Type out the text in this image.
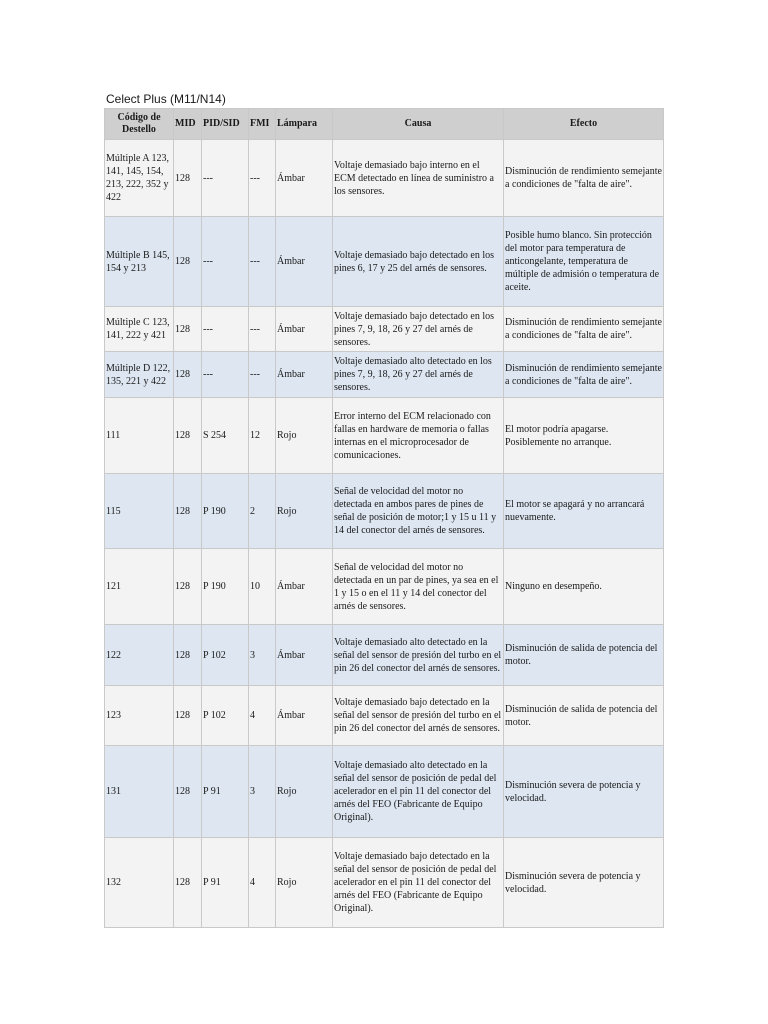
Celect Plus (M11/N14)
Código de Destello	MID	PID/SID	FMI	Lámpara	Causa	Efecto
Múltiple A 123, 141, 145, 154, 213, 222, 352 y 422	128	---	---	Ámbar	Voltaje demasiado bajo interno en el ECM detectado en línea de suministro a los sensores.	Disminución de rendimiento semejante a condiciones de "falta de aire".
Múltiple B 145, 154 y 213	128	---	---	Ámbar	Voltaje demasiado bajo detectado en los pines 6, 17 y 25 del arnés de sensores.	Posible humo blanco. Sin protección del motor para temperatura de anticongelante, temperatura de múltiple de admisión o temperatura de aceite.
Múltiple C 123, 141, 222 y 421	128	---	---	Ámbar	Voltaje demasiado bajo detectado en los pines 7, 9, 18, 26 y 27 del arnés de sensores.	Disminución de rendimiento semejante a condiciones de "falta de aire".
Múltiple D 122, 135, 221 y 422	128	---	---	Ámbar	Voltaje demasiado alto detectado en los pines 7, 9, 18, 26 y 27 del arnés de sensores.	Disminución de rendimiento semejante a condiciones de "falta de aire".
111	128	S 254	12	Rojo	Error interno del ECM relacionado con fallas en hardware de memoria o fallas internas en el microprocesador de comunicaciones.	El motor podría apagarse. Posiblemente no arranque.
115	128	P 190	2	Rojo	Señal de velocidad del motor no detectada en ambos pares de pines de señal de posición de motor;1 y 15 u 11 y 14 del conector del arnés de sensores.	El motor se apagará y no arrancará nuevamente.
121	128	P 190	10	Ámbar	Señal de velocidad del motor no detectada en un par de pines, ya sea en el 1 y 15 o en el 11 y 14 del conector del arnés de sensores.	Ninguno en desempeño.
122	128	P 102	3	Ámbar	Voltaje demasiado alto detectado en la señal del sensor de presión del turbo en el pin 26 del conector del arnés de sensores.	Disminución de salida de potencia del motor.
123	128	P 102	4	Ámbar	Voltaje demasiado bajo detectado en la señal del sensor de presión del turbo en el pin 26 del conector del arnés de sensores.	Disminución de salida de potencia del motor.
131	128	P 91	3	Rojo	Voltaje demasiado alto detectado en la señal del sensor de posición de pedal del acelerador en el pin 11 del conector del arnés del FEO (Fabricante de Equipo Original).	Disminución severa de potencia y velocidad.
132	128	P 91	4	Rojo	Voltaje demasiado bajo detectado en la señal del sensor de posición de pedal del acelerador en el pin 11 del conector del arnés del FEO (Fabricante de Equipo Original).	Disminución severa de potencia y velocidad.
